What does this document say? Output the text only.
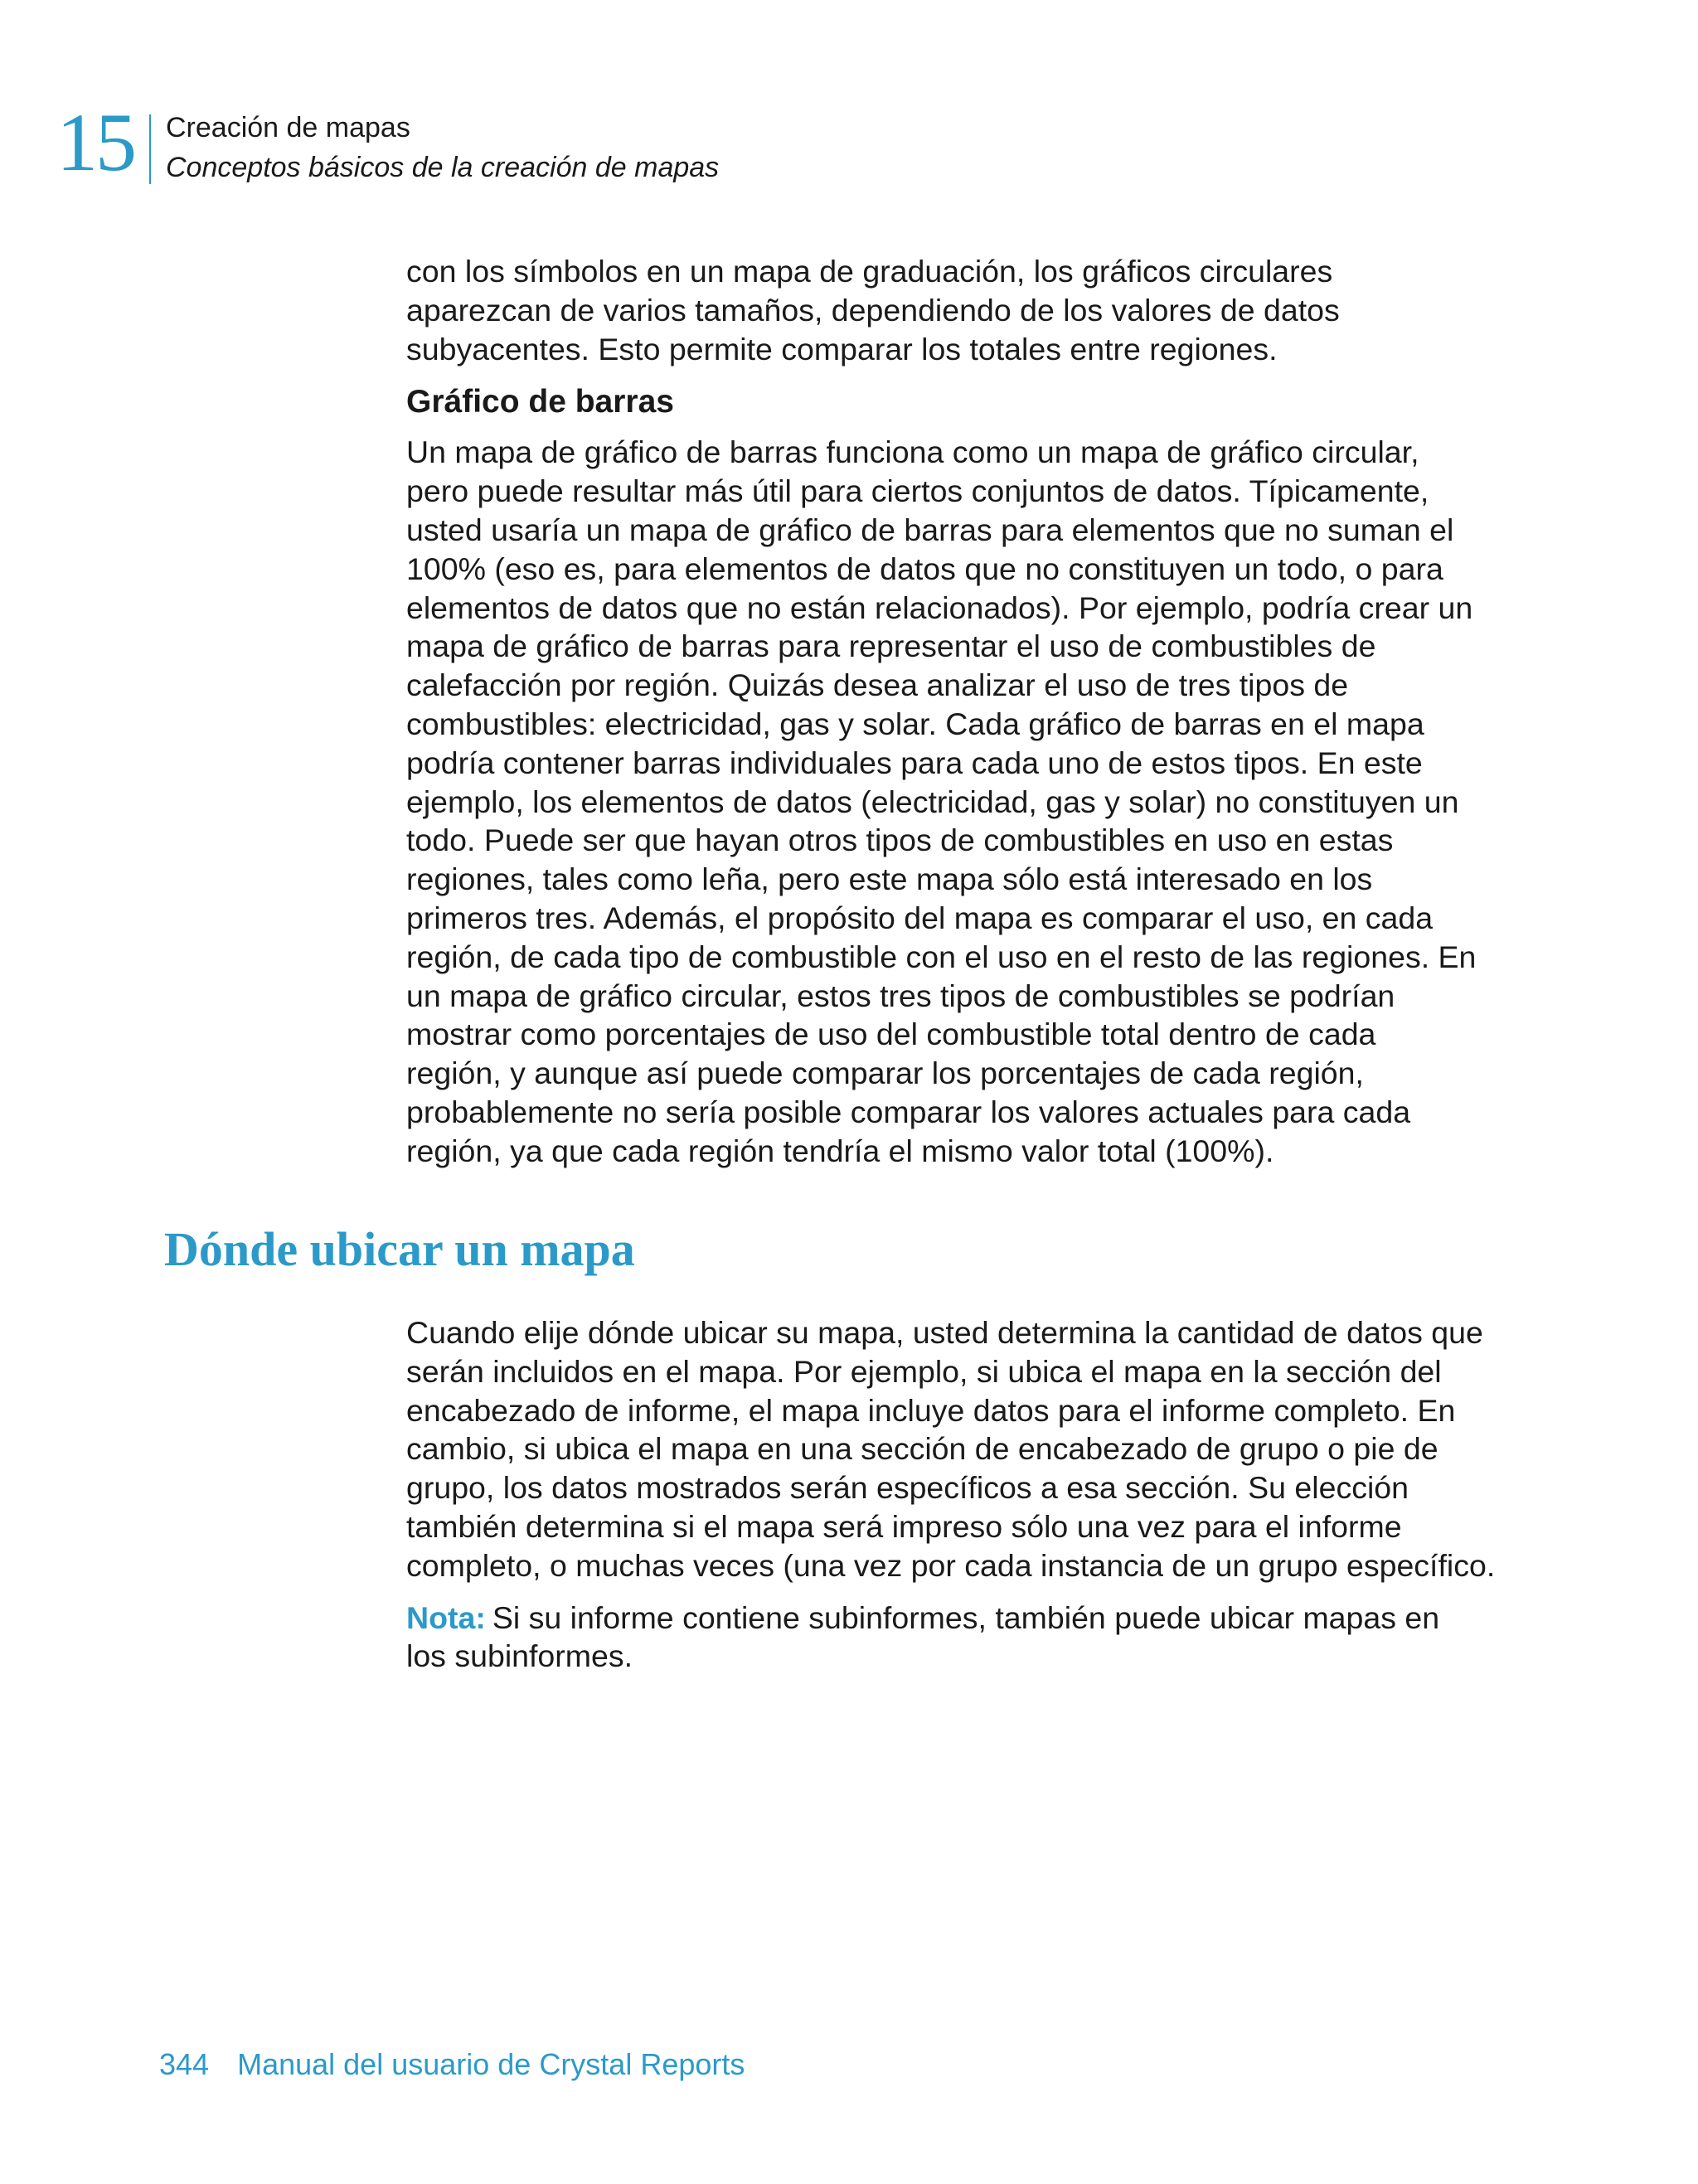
15 Creación de mapas
Conceptos básicos de la creación de mapas
con los símbolos en un mapa de graduación, los gráficos circulares
aparezcan de varios tamaños, dependiendo de los valores de datos
subyacentes. Esto permite comparar los totales entre regiones.
Gráfico de barras
Un mapa de gráfico de barras funciona como un mapa de gráfico circular,
pero puede resultar más útil para ciertos conjuntos de datos. Típicamente,
usted usaría un mapa de gráfico de barras para elementos que no suman el
100% (eso es, para elementos de datos que no constituyen un todo, o para
elementos de datos que no están relacionados). Por ejemplo, podría crear un
mapa de gráfico de barras para representar el uso de combustibles de
calefacción por región. Quizás desea analizar el uso de tres tipos de
combustibles: electricidad, gas y solar. Cada gráfico de barras en el mapa
podría contener barras individuales para cada uno de estos tipos. En este
ejemplo, los elementos de datos (electricidad, gas y solar) no constituyen un
todo. Puede ser que hayan otros tipos de combustibles en uso en estas
regiones, tales como leña, pero este mapa sólo está interesado en los
primeros tres. Además, el propósito del mapa es comparar el uso, en cada
región, de cada tipo de combustible con el uso en el resto de las regiones. En
un mapa de gráfico circular, estos tres tipos de combustibles se podrían
mostrar como porcentajes de uso del combustible total dentro de cada
región, y aunque así puede comparar los porcentajes de cada región,
probablemente no sería posible comparar los valores actuales para cada
región, ya que cada región tendría el mismo valor total (100%).
Dónde ubicar un mapa
Cuando elije dónde ubicar su mapa, usted determina la cantidad de datos que
serán incluidos en el mapa. Por ejemplo, si ubica el mapa en la sección del
encabezado de informe, el mapa incluye datos para el informe completo. En
cambio, si ubica el mapa en una sección de encabezado de grupo o pie de
grupo, los datos mostrados serán específicos a esa sección. Su elección
también determina si el mapa será impreso sólo una vez para el informe
completo, o muchas veces (una vez por cada instancia de un grupo específico.
Nota: Si su informe contiene subinformes, también puede ubicar mapas en
los subinformes.
344 Manual del usuario de Crystal Reports
